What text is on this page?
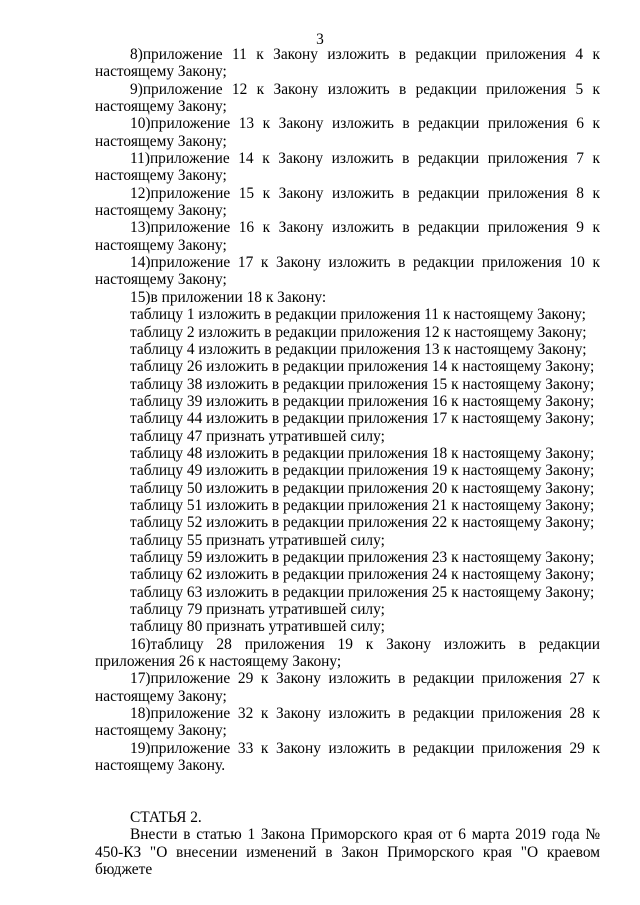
3
8)приложение 11 к Закону изложить в редакции приложения 4 к настоящему Закону;
9)приложение 12 к Закону изложить в редакции приложения 5 к настоящему Закону;
10)приложение 13 к Закону изложить в редакции приложения 6 к настоящему Закону;
11)приложение 14 к Закону изложить в редакции приложения 7 к настоящему Закону;
12)приложение 15 к Закону изложить в редакции приложения 8 к настоящему Закону;
13)приложение 16 к Закону изложить в редакции приложения 9 к настоящему Закону;
14)приложение 17 к Закону изложить в редакции приложения 10 к настоящему Закону;
15)в приложении 18 к Закону:
таблицу 1 изложить в редакции приложения 11 к настоящему Закону;
таблицу 2 изложить в редакции приложения 12 к настоящему Закону;
таблицу 4 изложить в редакции приложения 13 к настоящему Закону;
таблицу 26 изложить в редакции приложения 14 к настоящему Закону;
таблицу 38 изложить в редакции приложения 15 к настоящему Закону;
таблицу 39 изложить в редакции приложения 16 к настоящему Закону;
таблицу 44 изложить в редакции приложения 17 к настоящему Закону;
таблицу 47 признать утратившей силу;
таблицу 48 изложить в редакции приложения 18 к настоящему Закону;
таблицу 49 изложить в редакции приложения 19 к настоящему Закону;
таблицу 50 изложить в редакции приложения 20 к настоящему Закону;
таблицу 51 изложить в редакции приложения 21 к настоящему Закону;
таблицу 52 изложить в редакции приложения 22 к настоящему Закону;
таблицу 55 признать утратившей силу;
таблицу 59 изложить в редакции приложения 23 к настоящему Закону;
таблицу 62 изложить в редакции приложения 24 к настоящему Закону;
таблицу 63 изложить в редакции приложения 25 к настоящему Закону;
таблицу 79 признать утратившей силу;
таблицу 80 признать утратившей силу;
16)таблицу 28 приложения 19 к Закону изложить в редакции приложения 26 к настоящему Закону;
17)приложение 29 к Закону изложить в редакции приложения 27 к настоящему Закону;
18)приложение 32 к Закону изложить в редакции приложения 28 к настоящему Закону;
19)приложение 33 к Закону изложить в редакции приложения 29 к настоящему Закону.
СТАТЬЯ 2.
Внести в статью 1 Закона Приморского края от 6 марта 2019 года № 450-КЗ "О внесении изменений в Закон Приморского края "О краевом бюджете
